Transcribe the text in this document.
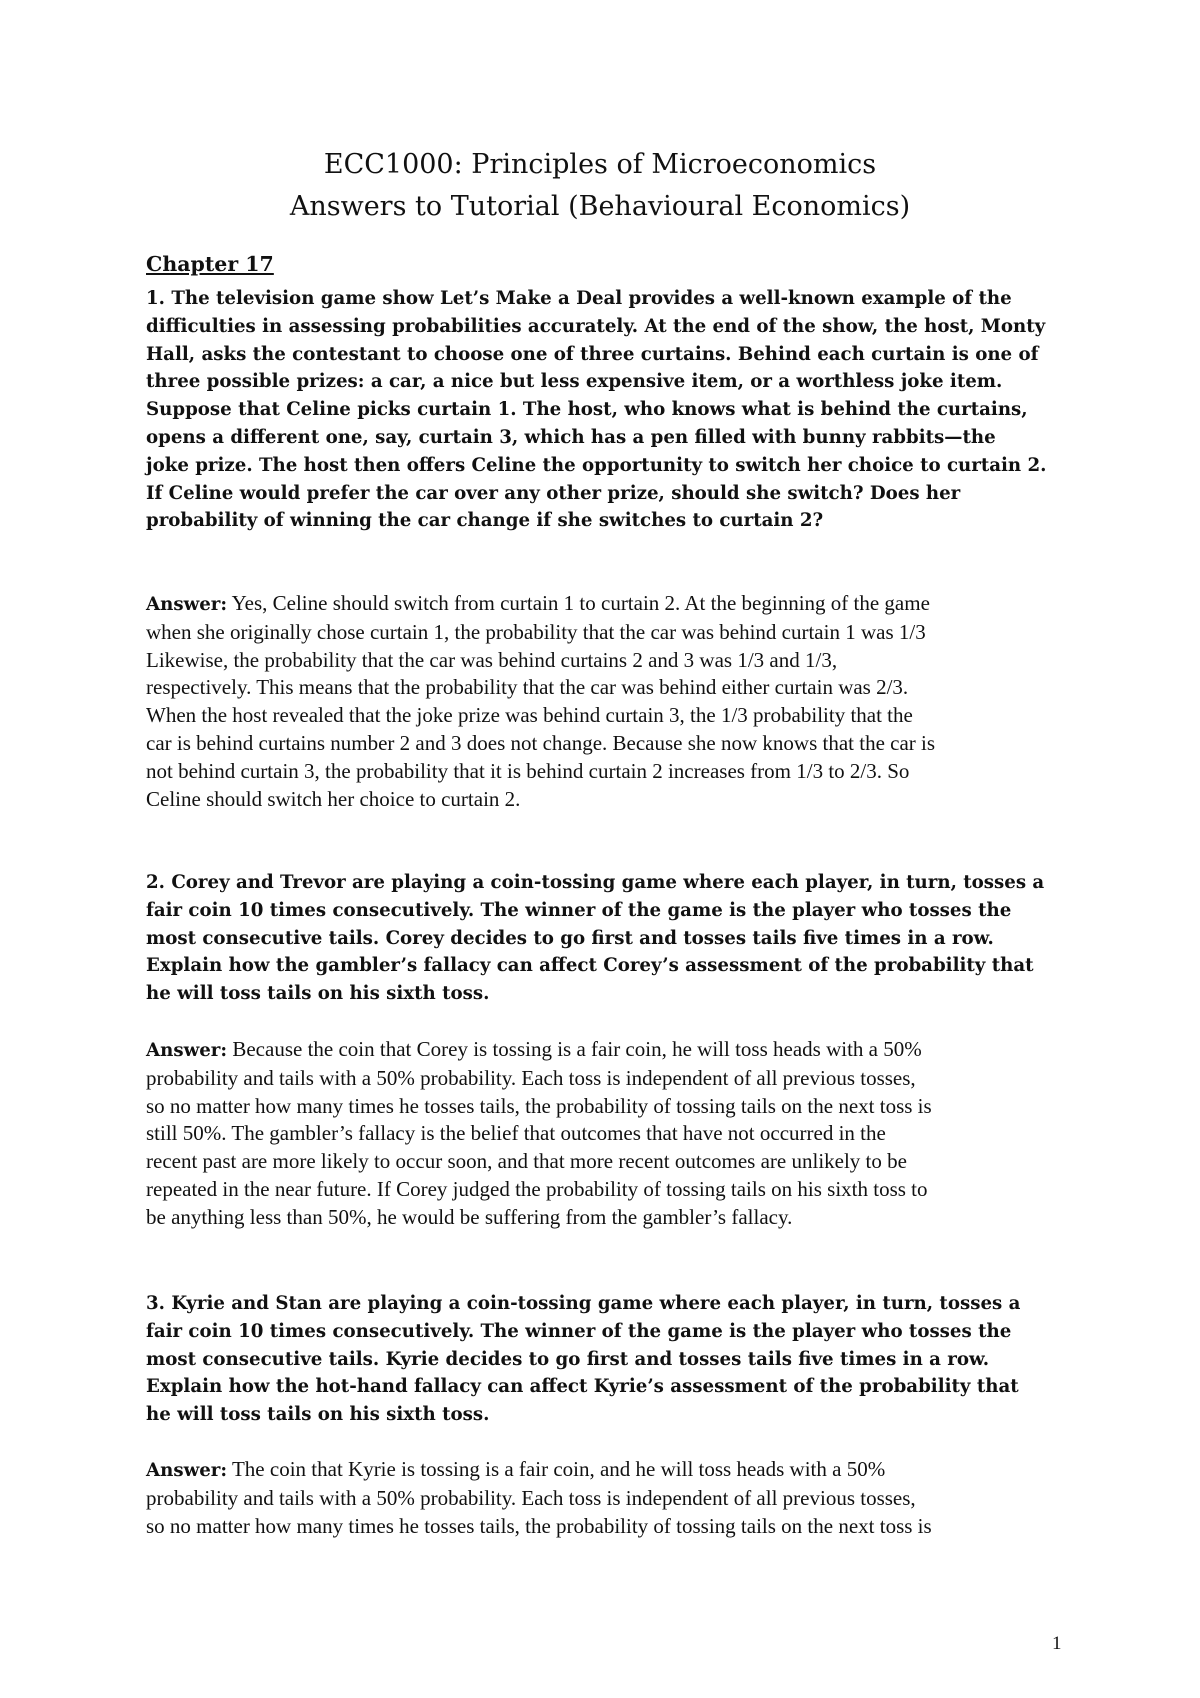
ECC1000: Principles of Microeconomics
Answers to Tutorial (Behavioural Economics)
Chapter 17
1. The television game show Let’s Make a Deal provides a well-known example of the
difficulties in assessing probabilities accurately. At the end of the show, the host, Monty
Hall, asks the contestant to choose one of three curtains. Behind each curtain is one of
three possible prizes: a car, a nice but less expensive item, or a worthless joke item.
Suppose that Celine picks curtain 1. The host, who knows what is behind the curtains,
opens a different one, say, curtain 3, which has a pen filled with bunny rabbits—the
joke prize. The host then offers Celine the opportunity to switch her choice to curtain 2.
If Celine would prefer the car over any other prize, should she switch? Does her
probability of winning the car change if she switches to curtain 2?
Answer: Yes, Celine should switch from curtain 1 to curtain 2. At the beginning of the game
when she originally chose curtain 1, the probability that the car was behind curtain 1 was 1/3
Likewise, the probability that the car was behind curtains 2 and 3 was 1/3 and 1/3,
respectively. This means that the probability that the car was behind either curtain was 2/3.
When the host revealed that the joke prize was behind curtain 3, the 1/3 probability that the
car is behind curtains number 2 and 3 does not change. Because she now knows that the car is
not behind curtain 3, the probability that it is behind curtain 2 increases from 1/3 to 2/3. So
Celine should switch her choice to curtain 2.
2. Corey and Trevor are playing a coin-tossing game where each player, in turn, tosses a
fair coin 10 times consecutively. The winner of the game is the player who tosses the
most consecutive tails. Corey decides to go first and tosses tails five times in a row.
Explain how the gambler’s fallacy can affect Corey’s assessment of the probability that
he will toss tails on his sixth toss.
Answer: Because the coin that Corey is tossing is a fair coin, he will toss heads with a 50%
probability and tails with a 50% probability. Each toss is independent of all previous tosses,
so no matter how many times he tosses tails, the probability of tossing tails on the next toss is
still 50%. The gambler’s fallacy is the belief that outcomes that have not occurred in the
recent past are more likely to occur soon, and that more recent outcomes are unlikely to be
repeated in the near future. If Corey judged the probability of tossing tails on his sixth toss to
be anything less than 50%, he would be suffering from the gambler’s fallacy.
3. Kyrie and Stan are playing a coin-tossing game where each player, in turn, tosses a
fair coin 10 times consecutively. The winner of the game is the player who tosses the
most consecutive tails. Kyrie decides to go first and tosses tails five times in a row.
Explain how the hot-hand fallacy can affect Kyrie’s assessment of the probability that
he will toss tails on his sixth toss.
Answer: The coin that Kyrie is tossing is a fair coin, and he will toss heads with a 50%
probability and tails with a 50% probability. Each toss is independent of all previous tosses,
so no matter how many times he tosses tails, the probability of tossing tails on the next toss is
1
